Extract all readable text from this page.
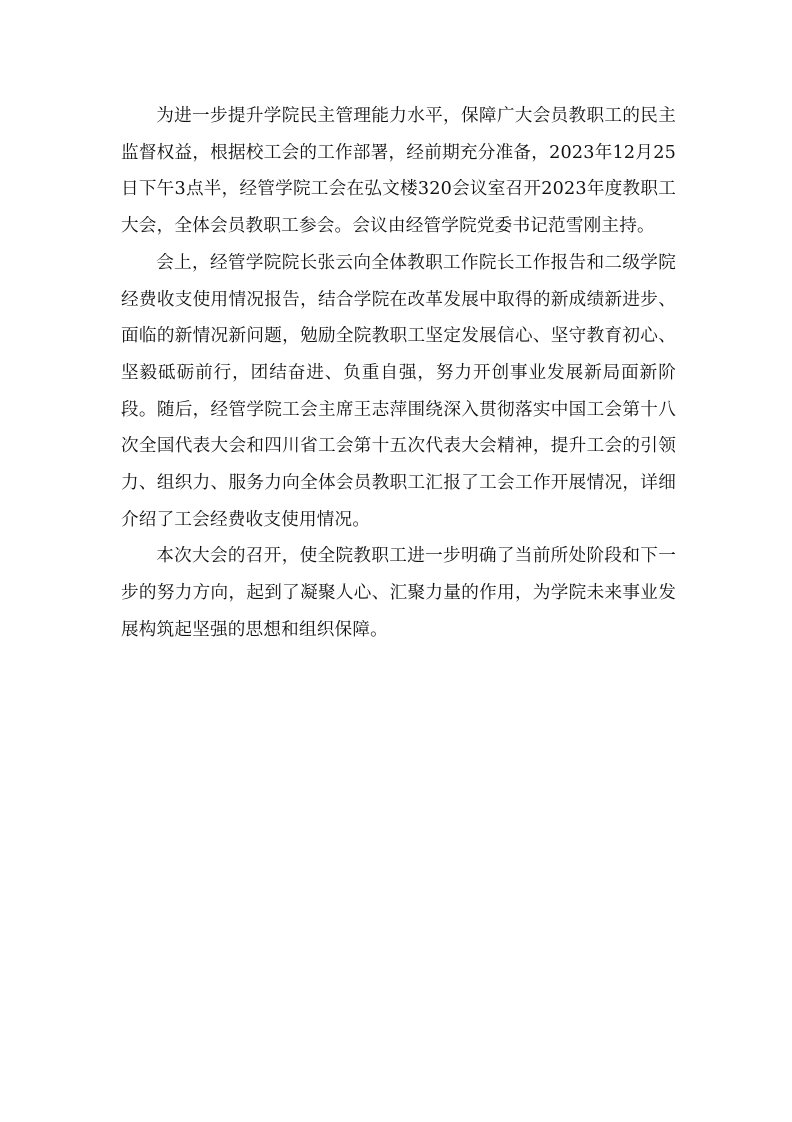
为进一步提升学院民主管理能力水平，保障广大会员教职工的民主监督权益，根据校工会的工作部署，经前期充分准备，2023年12月25日下午3点半，经管学院工会在弘文楼320会议室召开2023年度教职工大会，全体会员教职工参会。会议由经管学院党委书记范雪刚主持。

会上，经管学院院长张云向全体教职工作院长工作报告和二级学院经费收支使用情况报告，结合学院在改革发展中取得的新成绩新进步、面临的新情况新问题，勉励全院教职工坚定发展信心、坚守教育初心、坚毅砥砺前行，团结奋进、负重自强，努力开创事业发展新局面新阶段。随后，经管学院工会主席王志萍围绕深入贯彻落实中国工会第十八次全国代表大会和四川省工会第十五次代表大会精神，提升工会的引领力、组织力、服务力向全体会员教职工汇报了工会工作开展情况，详细介绍了工会经费收支使用情况。

本次大会的召开，使全院教职工进一步明确了当前所处阶段和下一步的努力方向，起到了凝聚人心、汇聚力量的作用，为学院未来事业发展构筑起坚强的思想和组织保障。
